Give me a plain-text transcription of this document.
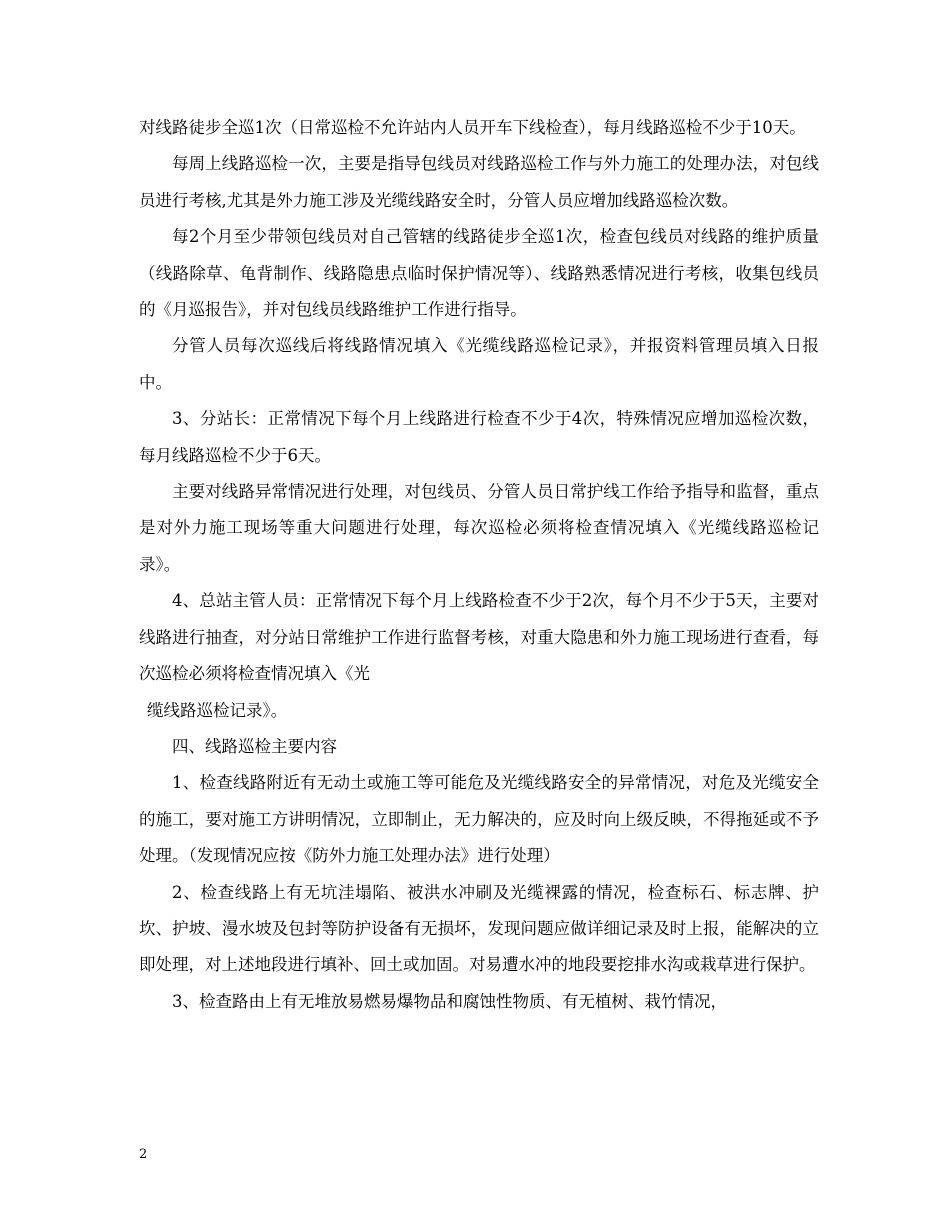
对线路徒步全巡1次（日常巡检不允许站内人员开车下线检查），每月线路巡检不少于10天。

每周上线路巡检一次，主要是指导包线员对线路巡检工作与外力施工的处理办法，对包线员进行考核,尤其是外力施工涉及光缆线路安全时，分管人员应增加线路巡检次数。

每2个月至少带领包线员对自己管辖的线路徒步全巡1次，检查包线员对线路的维护质量（线路除草、龟背制作、线路隐患点临时保护情况等）、线路熟悉情况进行考核，收集包线员的《月巡报告》，并对包线员线路维护工作进行指导。

分管人员每次巡线后将线路情况填入《光缆线路巡检记录》，并报资料管理员填入日报中。

3、分站长：正常情况下每个月上线路进行检查不少于4次，特殊情况应增加巡检次数，每月线路巡检不少于6天。

主要对线路异常情况进行处理，对包线员、分管人员日常护线工作给予指导和监督，重点是对外力施工现场等重大问题进行处理，每次巡检必须将检查情况填入《光缆线路巡检记录》。

4、总站主管人员：正常情况下每个月上线路检查不少于2次，每个月不少于5天，主要对线路进行抽查，对分站日常维护工作进行监督考核，对重大隐患和外力施工现场进行查看，每次巡检必须将检查情况填入《光

缆线路巡检记录》。

四、线路巡检主要内容

1、检查线路附近有无动土或施工等可能危及光缆线路安全的异常情况，对危及光缆安全的施工，要对施工方讲明情况，立即制止，无力解决的，应及时向上级反映，不得拖延或不予处理。（发现情况应按《防外力施工处理办法》进行处理）

2、检查线路上有无坑洼塌陷、被洪水冲刷及光缆裸露的情况，检查标石、标志牌、护坎、护坡、漫水坡及包封等防护设备有无损坏，发现问题应做详细记录及时上报，能解决的立即处理，对上述地段进行填补、回土或加固。对易遭水冲的地段要挖排水沟或栽草进行保护。

3、检查路由上有无堆放易燃易爆物品和腐蚀性物质、有无植树、栽竹情况，

2
